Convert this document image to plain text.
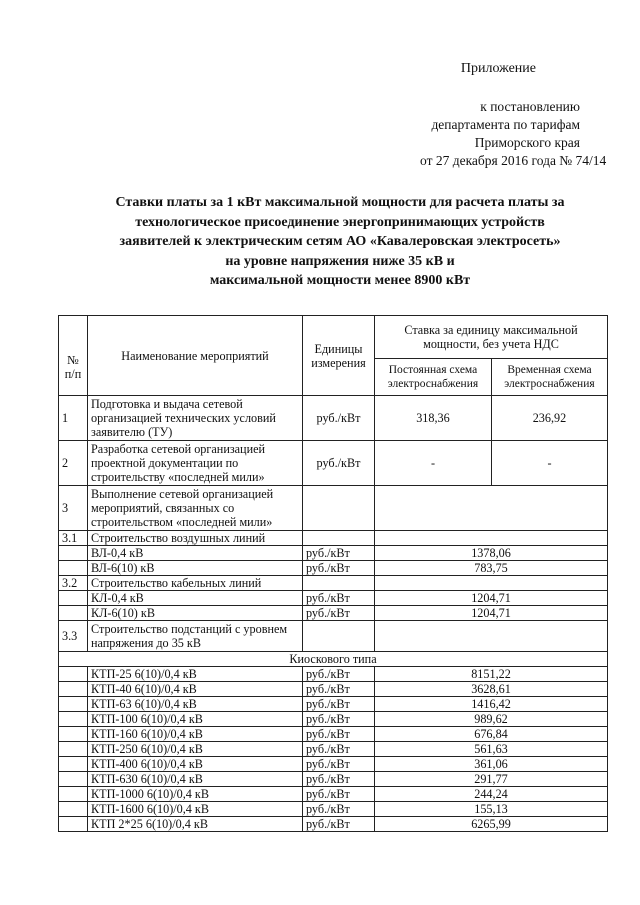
Приложение
к постановлению
департамента по тарифам
Приморского края
от 27 декабря 2016 года № 74/14
Ставки платы за 1 кВт максимальной мощности для расчета платы за
технологическое присоединение энергопринимающих устройств
заявителей к электрическим сетям АО «Кавалеровская электросеть»
на уровне напряжения ниже 35 кВ и
максимальной мощности менее 8900 кВт
№ п/п	Наименование мероприятий	Единицы измерения	Ставка за единицу максимальной мощности, без учета НДС	
			Постоянная схема электроснабжения	Временная схема электроснабжения
1	Подготовка и выдача сетевой организацией технических условий заявителю (ТУ)	руб./кВт	318,36	236,92
2	Разработка сетевой организацией проектной документации по строительству «последней мили»	руб./кВт	-	-
3	Выполнение сетевой организацией мероприятий, связанных со строительством «последней мили»			
3.1	Строительство воздушных линий			
	ВЛ-0,4 кВ	руб./кВт	1378,06	
	ВЛ-6(10) кВ	руб./кВт	783,75	
3.2	Строительство кабельных линий			
	КЛ-0,4 кВ	руб./кВт	1204,71	
	КЛ-6(10) кВ	руб./кВт	1204,71	
3.3	Строительство подстанций с уровнем напряжения до 35 кВ			
Киоскового типа				
	КТП-25 6(10)/0,4 кВ	руб./кВт	8151,22	
	КТП-40 6(10)/0,4 кВ	руб./кВт	3628,61	
	КТП-63 6(10)/0,4 кВ	руб./кВт	1416,42	
	КТП-100 6(10)/0,4 кВ	руб./кВт	989,62	
	КТП-160 6(10)/0,4 кВ	руб./кВт	676,84	
	КТП-250 6(10)/0,4 кВ	руб./кВт	561,63	
	КТП-400 6(10)/0,4 кВ	руб./кВт	361,06	
	КТП-630 6(10)/0,4 кВ	руб./кВт	291,77	
	КТП-1000 6(10)/0,4 кВ	руб./кВт	244,24	
	КТП-1600 6(10)/0,4 кВ	руб./кВт	155,13	
	КТП 2*25 6(10)/0,4 кВ	руб./кВт	6265,99	
